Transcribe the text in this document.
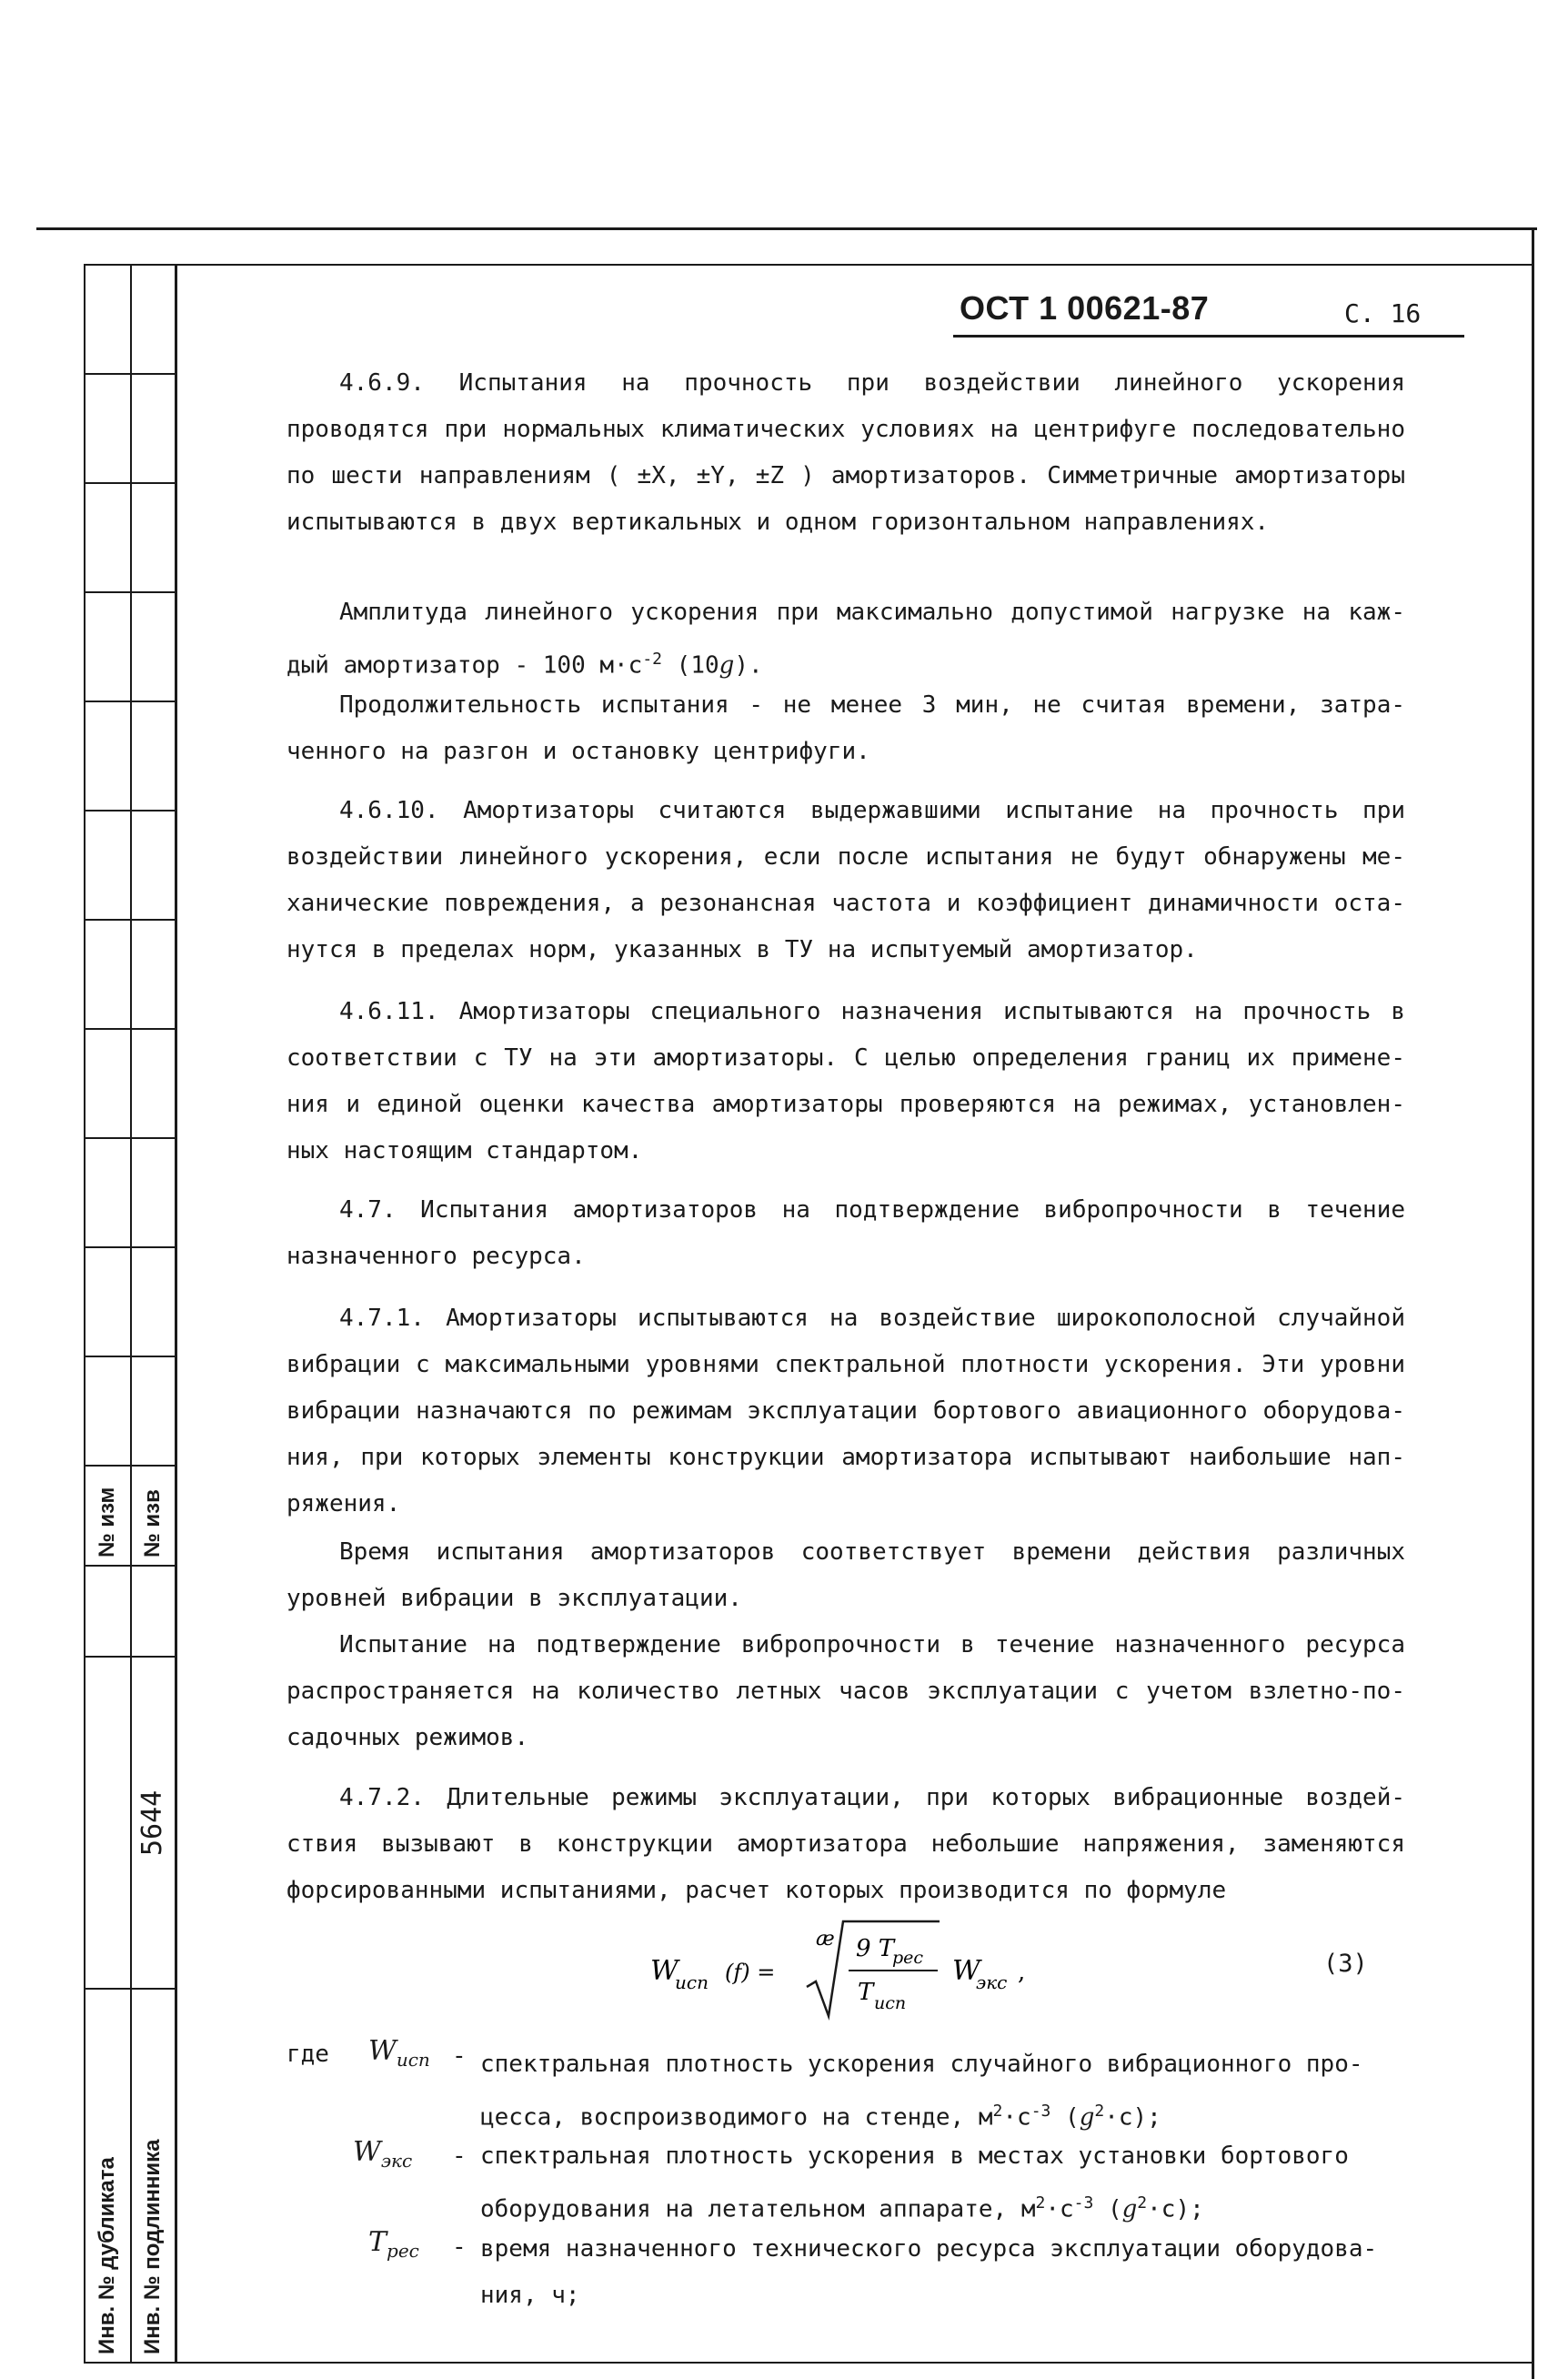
№ изм № изв
5644
Инв. № дубликата Инв. № подлинника
ОСТ 1 00621-87	С. 16

4.6.9. Испытания на прочность при воздействии линейного ускорения проводятся при нормальных климатических условиях на центрифуге последовательно по шести направлениям ( ±X, ±Y, ±Z ) амортизаторов. Симметричные амортизаторы испытываются в двух вертикальных и одном горизонтальном направлениях.

Амплитуда линейного ускорения при максимально допустимой нагрузке на каждый амортизатор - 100 $м\cdot с^{-2}$ (10g).

Продолжительность испытания - не менее 3 мин, не считая времени, затраченного на разгон и остановку центрифуги.

4.6.10. Амортизаторы считаются выдержавшими испытание на прочность при воздействии линейного ускорения, если после испытания не будут обнаружены механические повреждения, а резонансная частота и коэффициент динамичности останутся в пределах норм, указанных в ТУ на испытуемый амортизатор.

4.6.11. Амортизаторы специального назначения испытываются на прочность в соответствии с ТУ на эти амортизаторы. С целью определения границ их применения и единой оценки качества амортизаторы проверяются на режимах, установленных настоящим стандартом.

4.7. Испытания амортизаторов на подтверждение вибропрочности в течение назначенного ресурса.

4.7.1. Амортизаторы испытываются на воздействие широкополосной случайной вибрации с максимальными уровнями спектральной плотности ускорения. Эти уровни вибрации назначаются по режимам эксплуатации бортового авиационного оборудования, при которых элементы конструкции амортизатора испытывают наибольшие напряжения.

Время испытания амортизаторов соответствует времени действия различных уровней вибрации в эксплуатации.

Испытание на подтверждение вибропрочности в течение назначенного ресурса распространяется на количество летных часов эксплуатации с учетом взлетно-посадочных режимов.

4.7.2. Длительные режимы эксплуатации, при которых вибрационные воздействия вызывают в конструкции амортизатора небольшие напряжения, заменяются форсированными испытаниями, расчет которых производится по формуле

W
исп (f) =
æ 9 T
рес
T исп
W
экс ,	(3)
где $W_{исп}$ - спектральная плотность ускорения случайного вибрационного процесса, воспроизводимого на стенде, $м^2\cdot с^{-3}$ $(g^2\cdot с)$;

$W_{экс}$ - спектральная плотность ускорения в местах установки бортового оборудования на летательном аппарате, $м^2\cdot с^{-3}$ $(g^2\cdot с)$;

$T_{рес}$ - время назначенного технического ресурса эксплуатации оборудования, ч;
